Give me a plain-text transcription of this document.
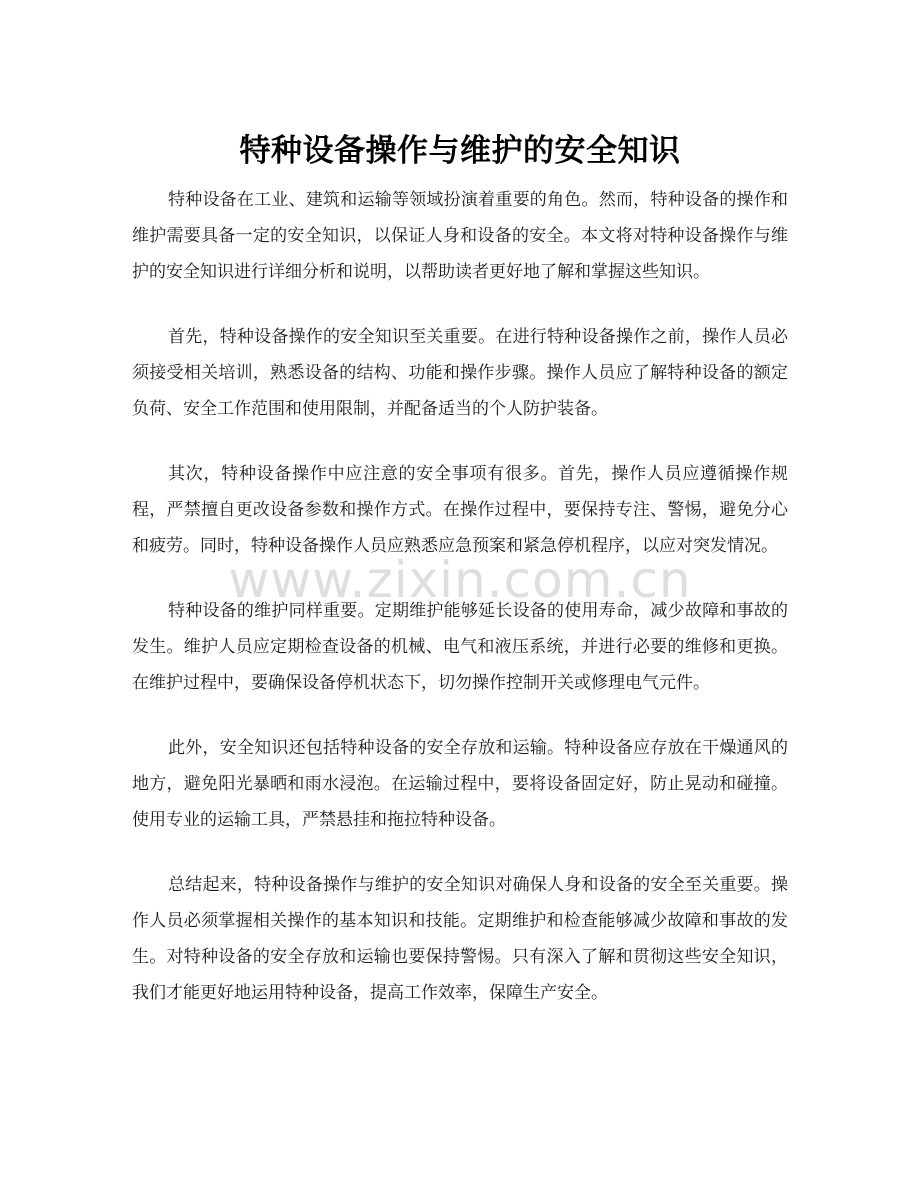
特种设备操作与维护的安全知识

特种设备在工业、建筑和运输等领域扮演着重要的角色。然而，特种设备的操作和维护需要具备一定的安全知识，以保证人身和设备的安全。本文将对特种设备操作与维护的安全知识进行详细分析和说明，以帮助读者更好地了解和掌握这些知识。

首先，特种设备操作的安全知识至关重要。在进行特种设备操作之前，操作人员必须接受相关培训，熟悉设备的结构、功能和操作步骤。操作人员应了解特种设备的额定负荷、安全工作范围和使用限制，并配备适当的个人防护装备。

其次，特种设备操作中应注意的安全事项有很多。首先，操作人员应遵循操作规程，严禁擅自更改设备参数和操作方式。在操作过程中，要保持专注、警惕，避免分心和疲劳。同时，特种设备操作人员应熟悉应急预案和紧急停机程序，以应对突发情况。

特种设备的维护同样重要。定期维护能够延长设备的使用寿命，减少故障和事故的发生。维护人员应定期检查设备的机械、电气和液压系统，并进行必要的维修和更换。在维护过程中，要确保设备停机状态下，切勿操作控制开关或修理电气元件。

此外，安全知识还包括特种设备的安全存放和运输。特种设备应存放在干燥通风的地方，避免阳光暴晒和雨水浸泡。在运输过程中，要将设备固定好，防止晃动和碰撞。使用专业的运输工具，严禁悬挂和拖拉特种设备。

总结起来，特种设备操作与维护的安全知识对确保人身和设备的安全至关重要。操作人员必须掌握相关操作的基本知识和技能。定期维护和检查能够减少故障和事故的发生。对特种设备的安全存放和运输也要保持警惕。只有深入了解和贯彻这些安全知识，我们才能更好地运用特种设备，提高工作效率，保障生产安全。

www.zixin.com.cn
